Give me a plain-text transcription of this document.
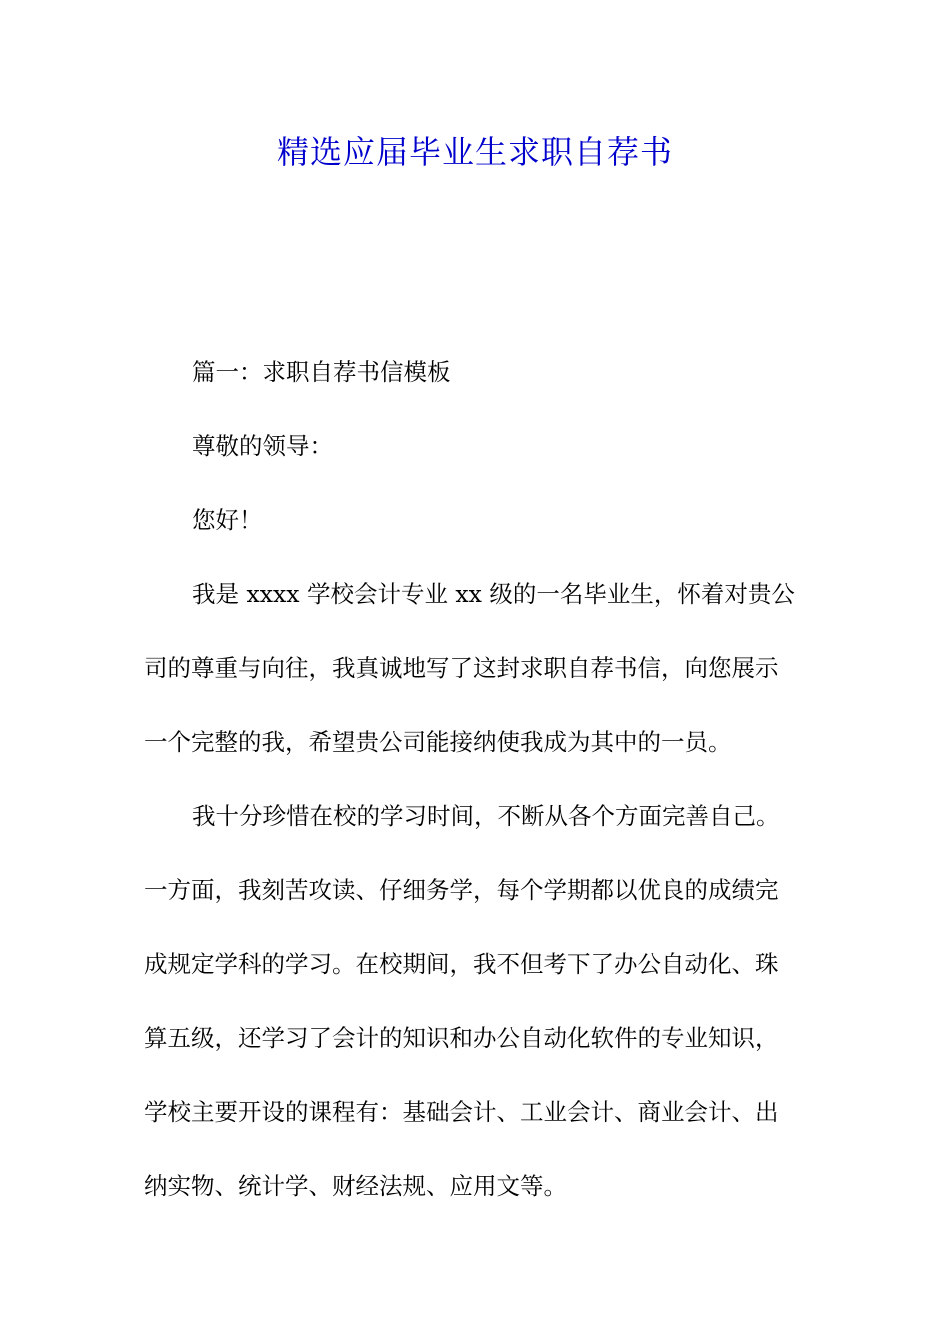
精选应届毕业生求职自荐书

篇一：求职自荐书信模板

尊敬的领导：

您好！

我是 xxxx 学校会计专业 xx 级的一名毕业生，怀着对贵公
司的尊重与向往，我真诚地写了这封求职自荐书信，向您展示
一个完整的我，希望贵公司能接纳使我成为其中的一员。

我十分珍惜在校的学习时间，不断从各个方面完善自己。
一方面，我刻苦攻读、仔细务学，每个学期都以优良的成绩完
成规定学科的学习。在校期间，我不但考下了办公自动化、珠
算五级，还学习了会计的知识和办公自动化软件的专业知识，
学校主要开设的课程有：基础会计、工业会计、商业会计、出
纳实物、统计学、财经法规、应用文等。
